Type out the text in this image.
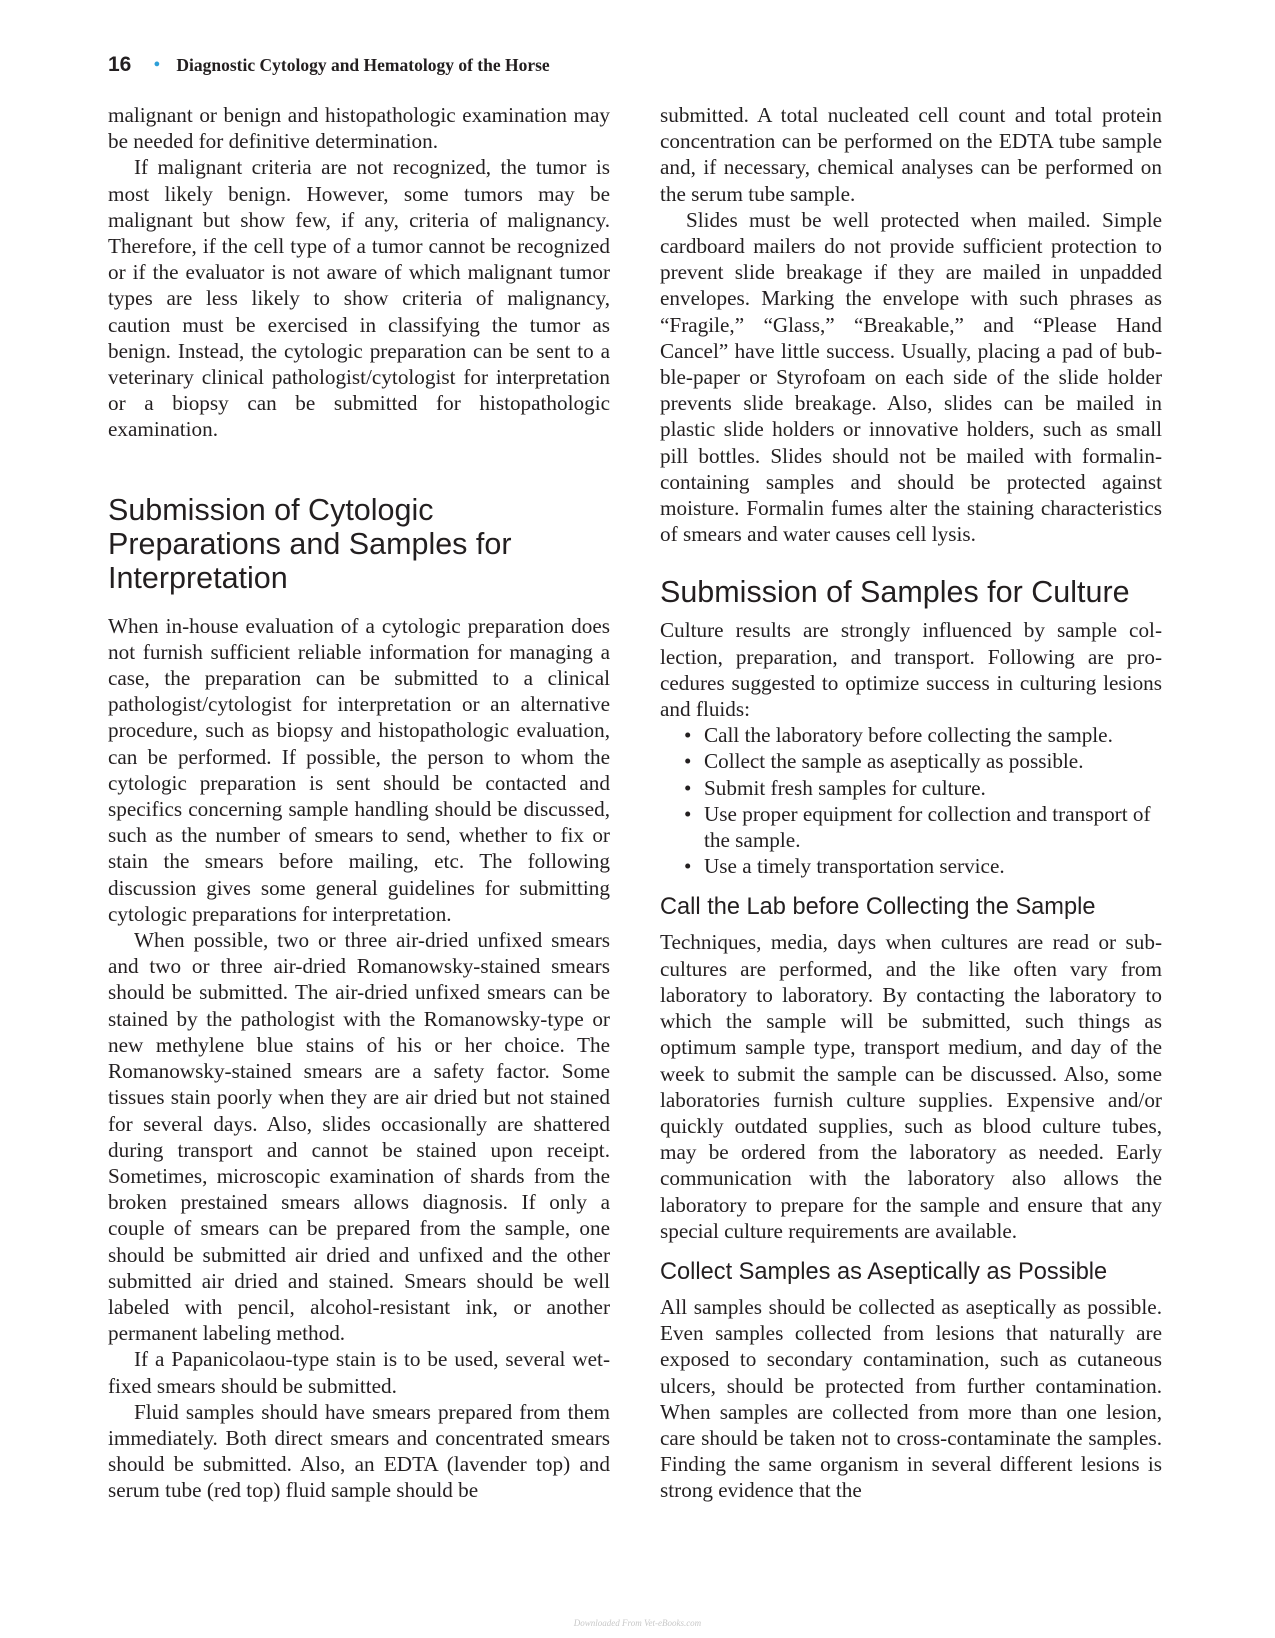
16 • Diagnostic Cytology and Hematology of the Horse

malignant or benign and histopathologic examination may be needed for definitive determination.

If malignant criteria are not recognized, the tumor is most likely benign. However, some tumors may be malignant but show few, if any, criteria of malignancy. Therefore, if the cell type of a tumor cannot be recognized or if the evaluator is not aware of which malignant tumor types are less likely to show criteria of malignancy, caution must be exercised in classifying the tumor as benign. Instead, the cytologic preparation can be sent to a veterinary clinical pathologist/cytologist for interpretation or a biopsy can be submitted for histopathologic examination.

Submission of Cytologic Preparations and Samples for Interpretation

When in-house evaluation of a cytologic preparation does not furnish sufficient reliable information for managing a case, the preparation can be submitted to a clinical pathologist/cytologist for interpretation or an alternative procedure, such as biopsy and histopathologic evaluation, can be performed. If possible, the person to whom the cytologic preparation is sent should be contacted and specifics concerning sample handling should be discussed, such as the number of smears to send, whether to fix or stain the smears before mailing, etc. The following discussion gives some general guidelines for submitting cytologic preparations for interpretation.

When possible, two or three air-dried unfixed smears and two or three air-dried Romanowsky-stained smears should be submitted. The air-dried unfixed smears can be stained by the pathologist with the Romanowsky-type or new methylene blue stains of his or her choice. The Romanowsky-stained smears are a safety factor. Some tissues stain poorly when they are air dried but not stained for several days. Also, slides occasionally are shattered during transport and cannot be stained upon receipt. Sometimes, microscopic examination of shards from the broken prestained smears allows diagnosis. If only a couple of smears can be prepared from the sample, one should be submitted air dried and unfixed and the other submitted air dried and stained. Smears should be well labeled with pencil, alcohol-resistant ink, or another permanent labeling method.

If a Papanicolaou-type stain is to be used, several wet-fixed smears should be submitted.

Fluid samples should have smears prepared from them immediately. Both direct smears and concentrated smears should be submitted. Also, an EDTA (lavender top) and serum tube (red top) fluid sample should be

submitted. A total nucleated cell count and total protein concentration can be performed on the EDTA tube sample and, if necessary, chemical analyses can be performed on the serum tube sample.

Slides must be well protected when mailed. Simple cardboard mailers do not provide sufficient protection to prevent slide breakage if they are mailed in unpadded envelopes. Marking the envelope with such phrases as “Fragile,” “Glass,” “Breakable,” and “Please Hand Cancel” have little success. Usually, placing a pad of bubble-paper or Styrofoam on each side of the slide holder prevents slide breakage. Also, slides can be mailed in plastic slide holders or innovative holders, such as small pill bottles. Slides should not be mailed with formalin-containing samples and should be protected against moisture. Formalin fumes alter the staining characteristics of smears and water causes cell lysis.

Submission of Samples for Culture

Culture results are strongly influenced by sample collection, preparation, and transport. Following are procedures suggested to optimize success in culturing lesions and fluids:

• Call the laboratory before collecting the sample.
• Collect the sample as aseptically as possible.
• Submit fresh samples for culture.
• Use proper equipment for collection and transport of the sample.
• Use a timely transportation service.
Call the Lab before Collecting the Sample

Techniques, media, days when cultures are read or subcultures are performed, and the like often vary from laboratory to laboratory. By contacting the laboratory to which the sample will be submitted, such things as optimum sample type, transport medium, and day of the week to submit the sample can be discussed. Also, some laboratories furnish culture supplies. Expensive and/or quickly outdated supplies, such as blood culture tubes, may be ordered from the laboratory as needed. Early communication with the laboratory also allows the laboratory to prepare for the sample and ensure that any special culture requirements are available.

Collect Samples as Aseptically as Possible

All samples should be collected as aseptically as possible. Even samples collected from lesions that naturally are exposed to secondary contamination, such as cutaneous ulcers, should be protected from further contamination. When samples are collected from more than one lesion, care should be taken not to cross-contaminate the samples. Finding the same organism in several different lesions is strong evidence that the

Downloaded From Vet-eBooks.com
